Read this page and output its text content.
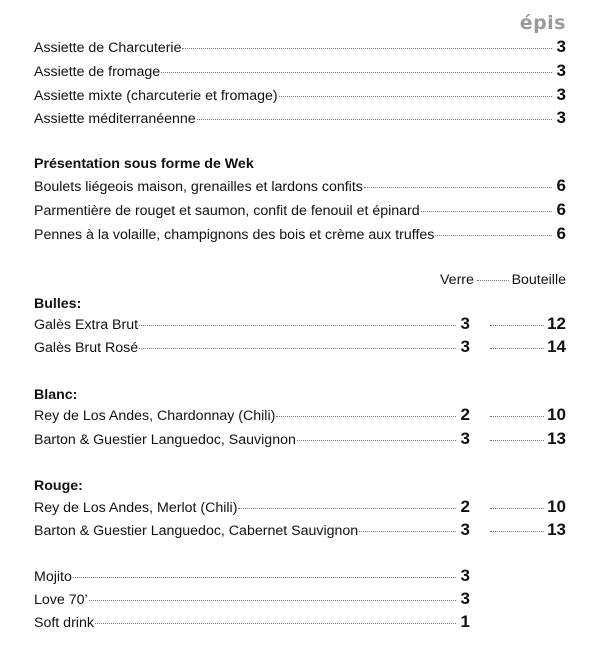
épis
Assiette de Charcuterie	3
Assiette de fromage	3
Assiette mixte (charcuterie et fromage)	3
Assiette méditerranéenne	3
Présentation sous forme de Wek
Boulets liégeois maison, grenailles et lardons confits	6
Parmentière de rouget et saumon, confit de fenouil et épinard	6
Pennes à la volaille, champignons des bois et crème aux truffes	6
Verre	Bouteille
Bulles:
Galès Extra Brut	3	12
Galès Brut Rosé	3	14
Blanc:
Rey de Los Andes, Chardonnay (Chili)	2	10
Barton & Guestier Languedoc, Sauvignon	3	13
Rouge:
Rey de Los Andes, Merlot (Chili)	2	10
Barton & Guestier Languedoc, Cabernet Sauvignon	3	13
Mojito	3
Love 70’	3
Soft drink	1
